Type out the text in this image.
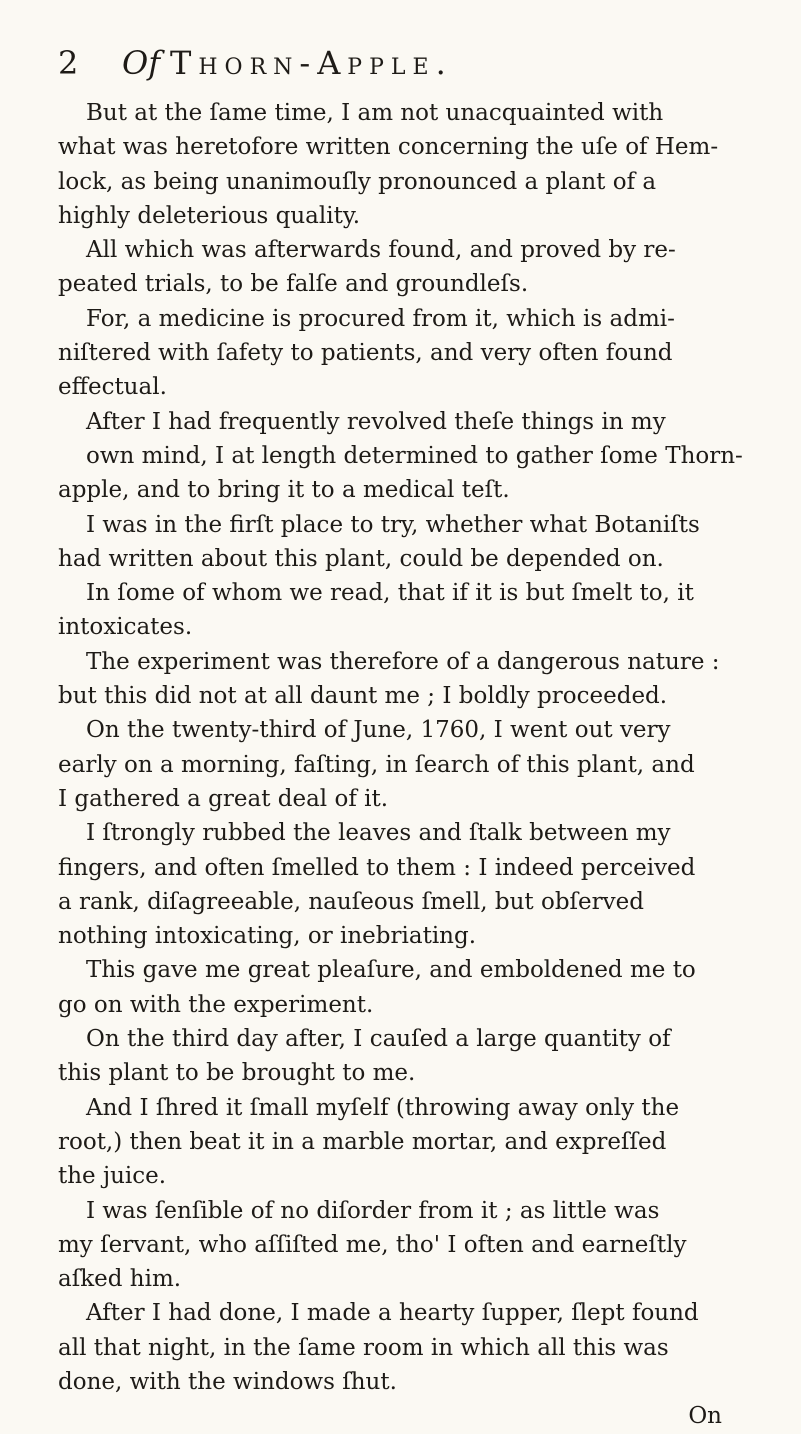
2 Of Thorn-Apple.
But at the ſame time, I am not unacquainted with
what was heretofore written concerning the uſe of Hem-
lock, as being unanimouſly pronounced a plant of a
highly deleterious quality.
All which was afterwards found, and proved by re-
peated trials, to be falſe and groundleſs.
For, a medicine is procured from it, which is admi-
niſtered with ſafety to patients, and very often found
effectual.
After I had frequently revolved theſe things in my
own mind, I at length determined to gather ſome Thorn-
apple, and to bring it to a medical teſt.
I was in the firſt place to try, whether what Botaniſts
had written about this plant, could be depended on.
In ſome of whom we read, that if it is but ſmelt to, it
intoxicates.
The experiment was therefore of a dangerous nature :
but this did not at all daunt me ; I boldly proceeded.
On the twenty-third of June, 1760, I went out very
early on a morning, faſting, in ſearch of this plant, and
I gathered a great deal of it.
I ſtrongly rubbed the leaves and ſtalk between my
fingers, and often ſmelled to them : I indeed perceived
a rank, diſagreeable, nauſeous ſmell, but obſerved
nothing intoxicating, or inebriating.
This gave me great pleaſure, and emboldened me to
go on with the experiment.
On the third day after, I cauſed a large quantity of
this plant to be brought to me.
And I ſhred it ſmall myſelf (throwing away only the
root,) then beat it in a marble mortar, and expreſſed
the juice.
I was ſenſible of no diſorder from it ; as little was
my ſervant, who aſſiſted me, tho' I often and earneſtly
aſked him.
After I had done, I made a hearty ſupper, ſlept found
all that night, in the ſame room in which all this was
done, with the windows ſhut.
On
